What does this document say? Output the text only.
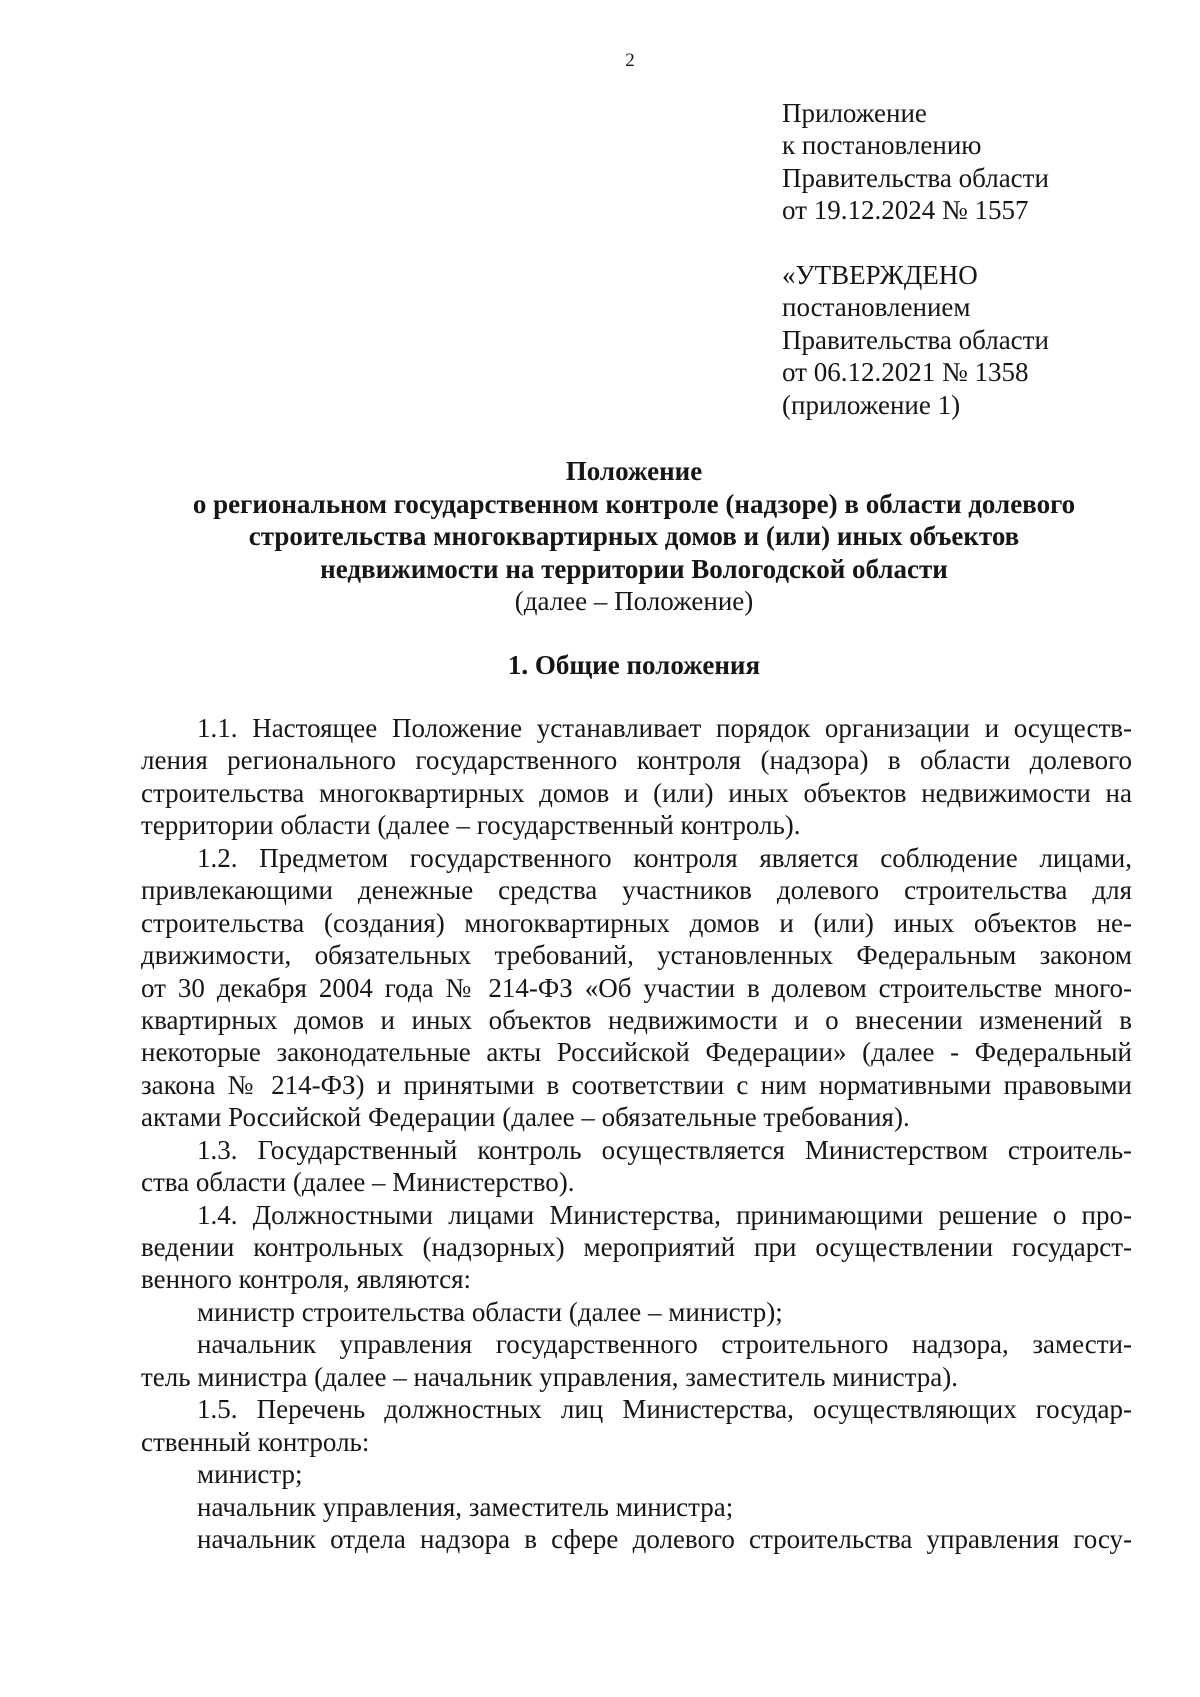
2
Приложение
к постановлению
Правительства области
от 19.12.2024 № 1557
«УТВЕРЖДЕНО
постановлением
Правительства области
от 06.12.2021 № 1358
(приложение 1)
Положение
о региональном государственном контроле (надзоре) в области долевого
строительства многоквартирных домов и (или) иных объектов
недвижимости на территории Вологодской области
(далее – Положение)
1. Общие положения
1.1. Настоящее Положение устанавливает порядок организации и осуществ-
ления регионального государственного контроля (надзора) в области долевого
строительства многоквартирных домов и (или) иных объектов недвижимости на
территории области (далее – государственный контроль).
1.2. Предметом государственного контроля является соблюдение лицами,
привлекающими денежные средства участников долевого строительства для
строительства (создания) многоквартирных домов и (или) иных объектов не-
движимости, обязательных требований, установленных Федеральным законом
от 30 декабря 2004 года № 214-ФЗ «Об участии в долевом строительстве много-
квартирных домов и иных объектов недвижимости и о внесении изменений в
некоторые законодательные акты Российской Федерации» (далее - Федеральный
закона № 214-ФЗ) и принятыми в соответствии с ним нормативными правовыми
актами Российской Федерации (далее – обязательные требования).
1.3. Государственный контроль осуществляется Министерством строитель-
ства области (далее – Министерство).
1.4. Должностными лицами Министерства, принимающими решение о про-
ведении контрольных (надзорных) мероприятий при осуществлении государст-
венного контроля, являются:
министр строительства области (далее – министр);
начальник управления государственного строительного надзора, замести-
тель министра (далее – начальник управления, заместитель министра).
1.5. Перечень должностных лиц Министерства, осуществляющих государ-
ственный контроль:
министр;
начальник управления, заместитель министра;
начальник отдела надзора в сфере долевого строительства управления госу-
